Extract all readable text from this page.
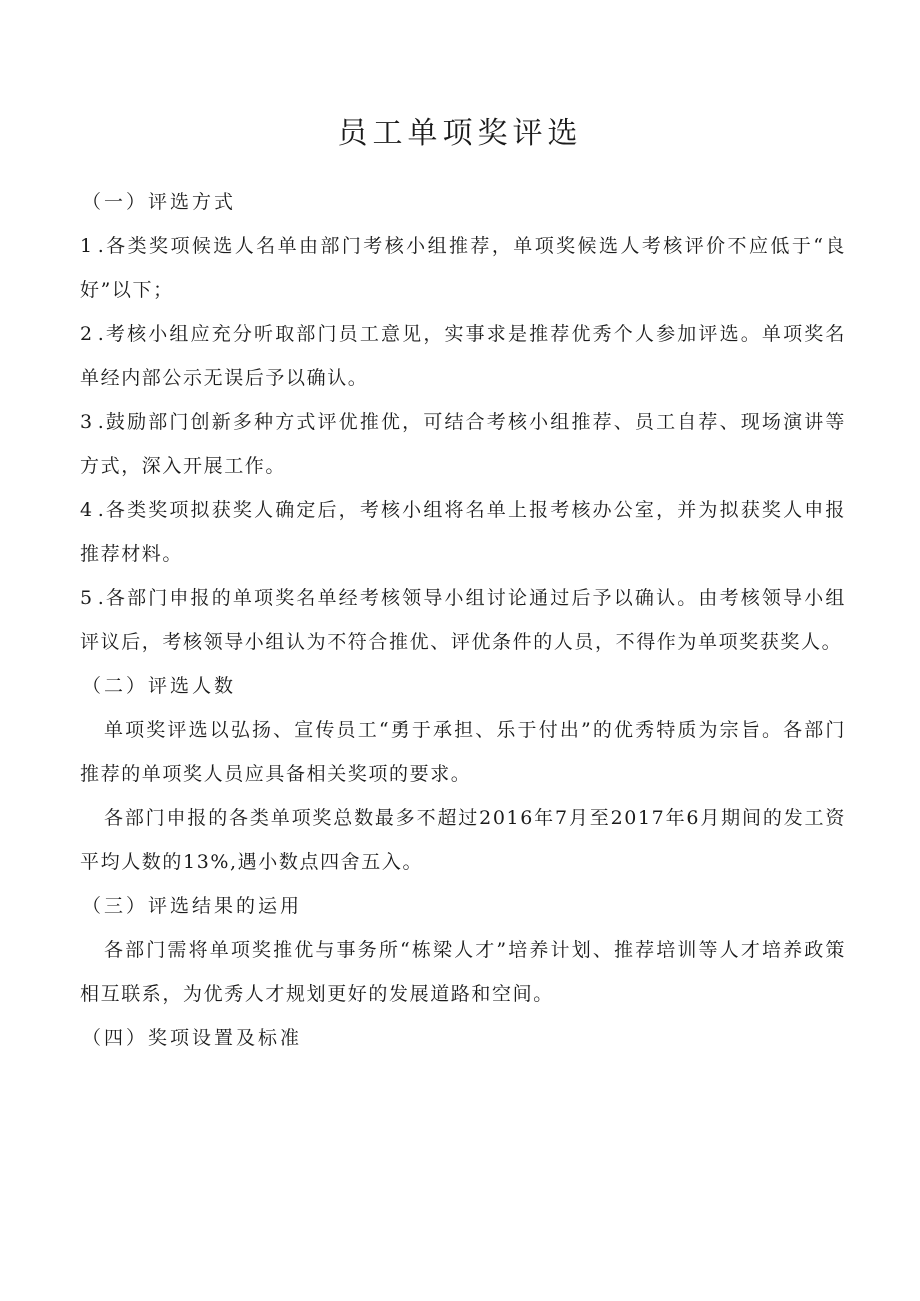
员工单项奖评选
（一）评选方式
1 .各类奖项候选人名单由部门考核小组推荐，单项奖候选人考核评价不应低于“良好”以下；
2 .考核小组应充分听取部门员工意见，实事求是推荐优秀个人参加评选。单项奖名单经内部公示无误后予以确认。
3 .鼓励部门创新多种方式评优推优，可结合考核小组推荐、员工自荐、现场演讲等方式，深入开展工作。
4 .各类奖项拟获奖人确定后，考核小组将名单上报考核办公室，并为拟获奖人申报推荐材料。
5 .各部门申报的单项奖名单经考核领导小组讨论通过后予以确认。由考核领导小组评议后，考核领导小组认为不符合推优、评优条件的人员，不得作为单项奖获奖人。
（二）评选人数
单项奖评选以弘扬、宣传员工“勇于承担、乐于付出”的优秀特质为宗旨。各部门推荐的单项奖人员应具备相关奖项的要求。
各部门申报的各类单项奖总数最多不超过2016年7月至2017年6月期间的发工资平均人数的13%,遇小数点四舍五入。
（三）评选结果的运用
各部门需将单项奖推优与事务所“栋梁人才”培养计划、推荐培训等人才培养政策相互联系，为优秀人才规划更好的发展道路和空间。
（四）奖项设置及标准
